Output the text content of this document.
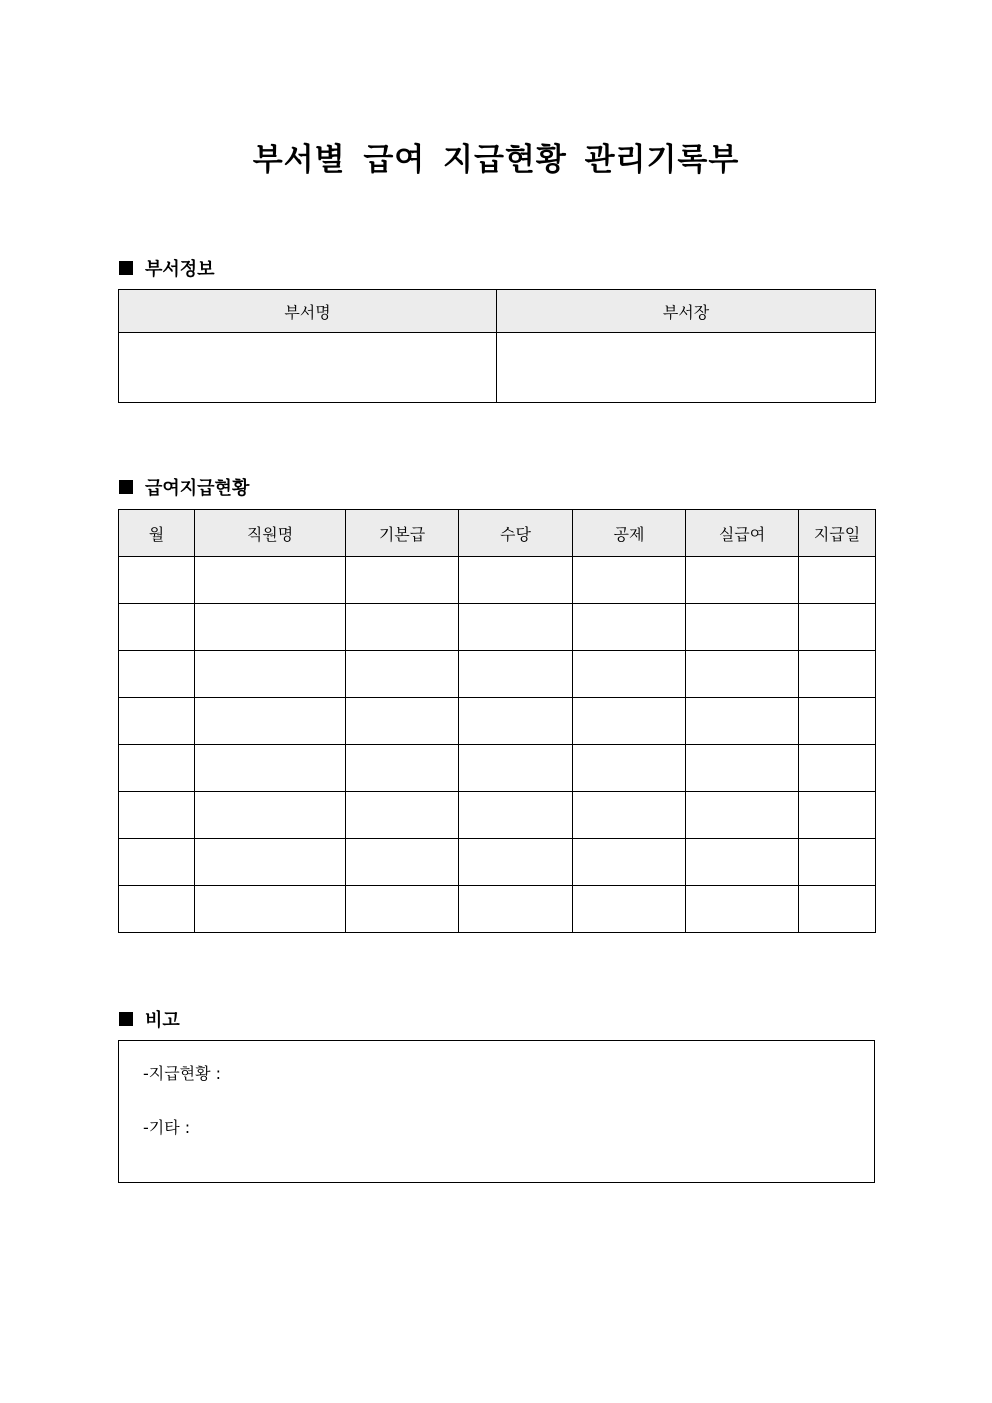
부서별 급여 지급현황 관리기록부
부서정보
부서명	부서장

급여지급현황
월	직원명	기본급	수당	공제	실급여	지급일

비고
-지급현황 :
-기타 :
